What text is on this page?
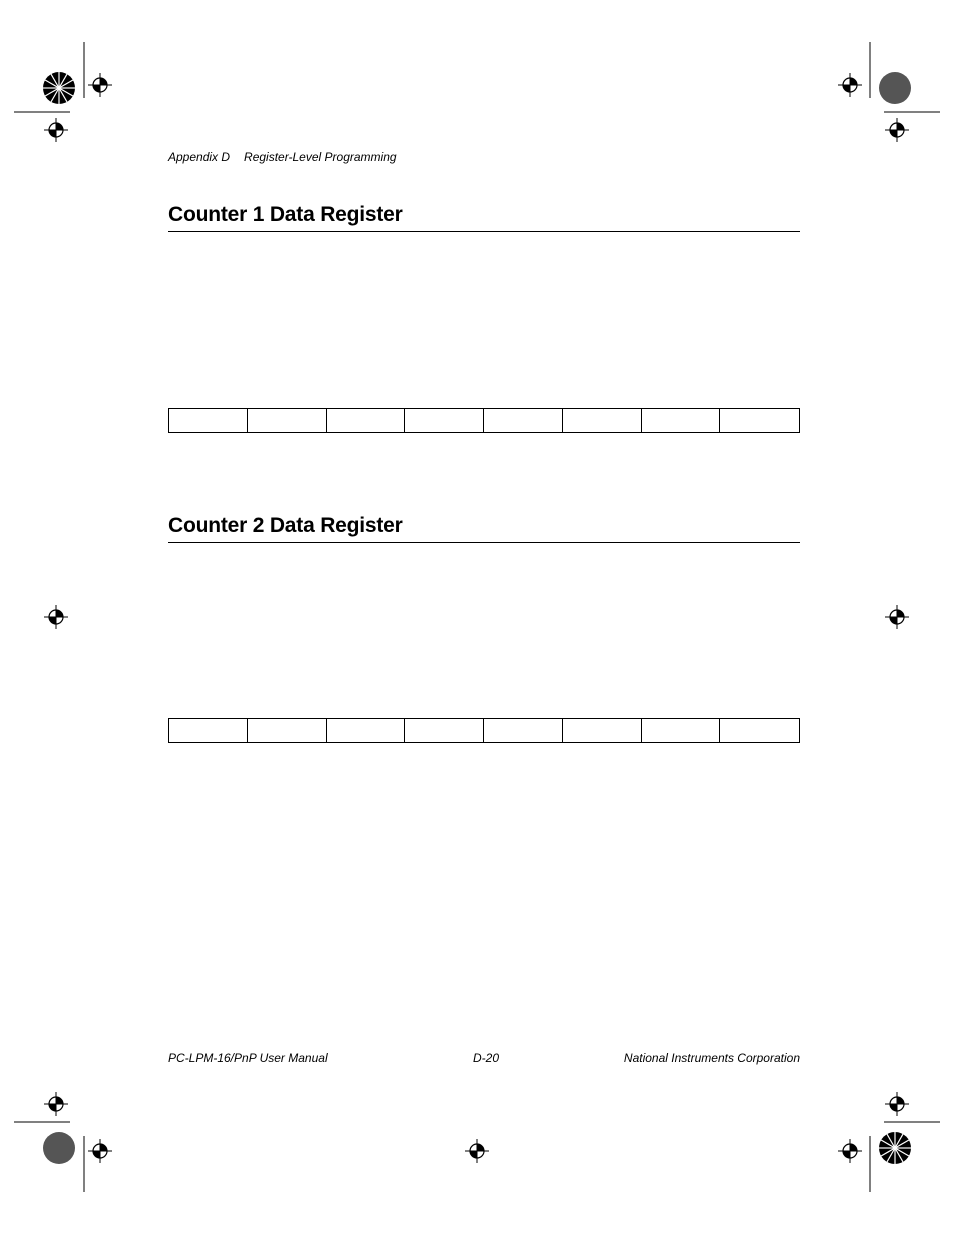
Appendix D Register-Level Programming
Counter 1 Data Register
Counter 2 Data Register
PC-LPM-16/PnP User Manual	D-20	National Instruments Corporation
